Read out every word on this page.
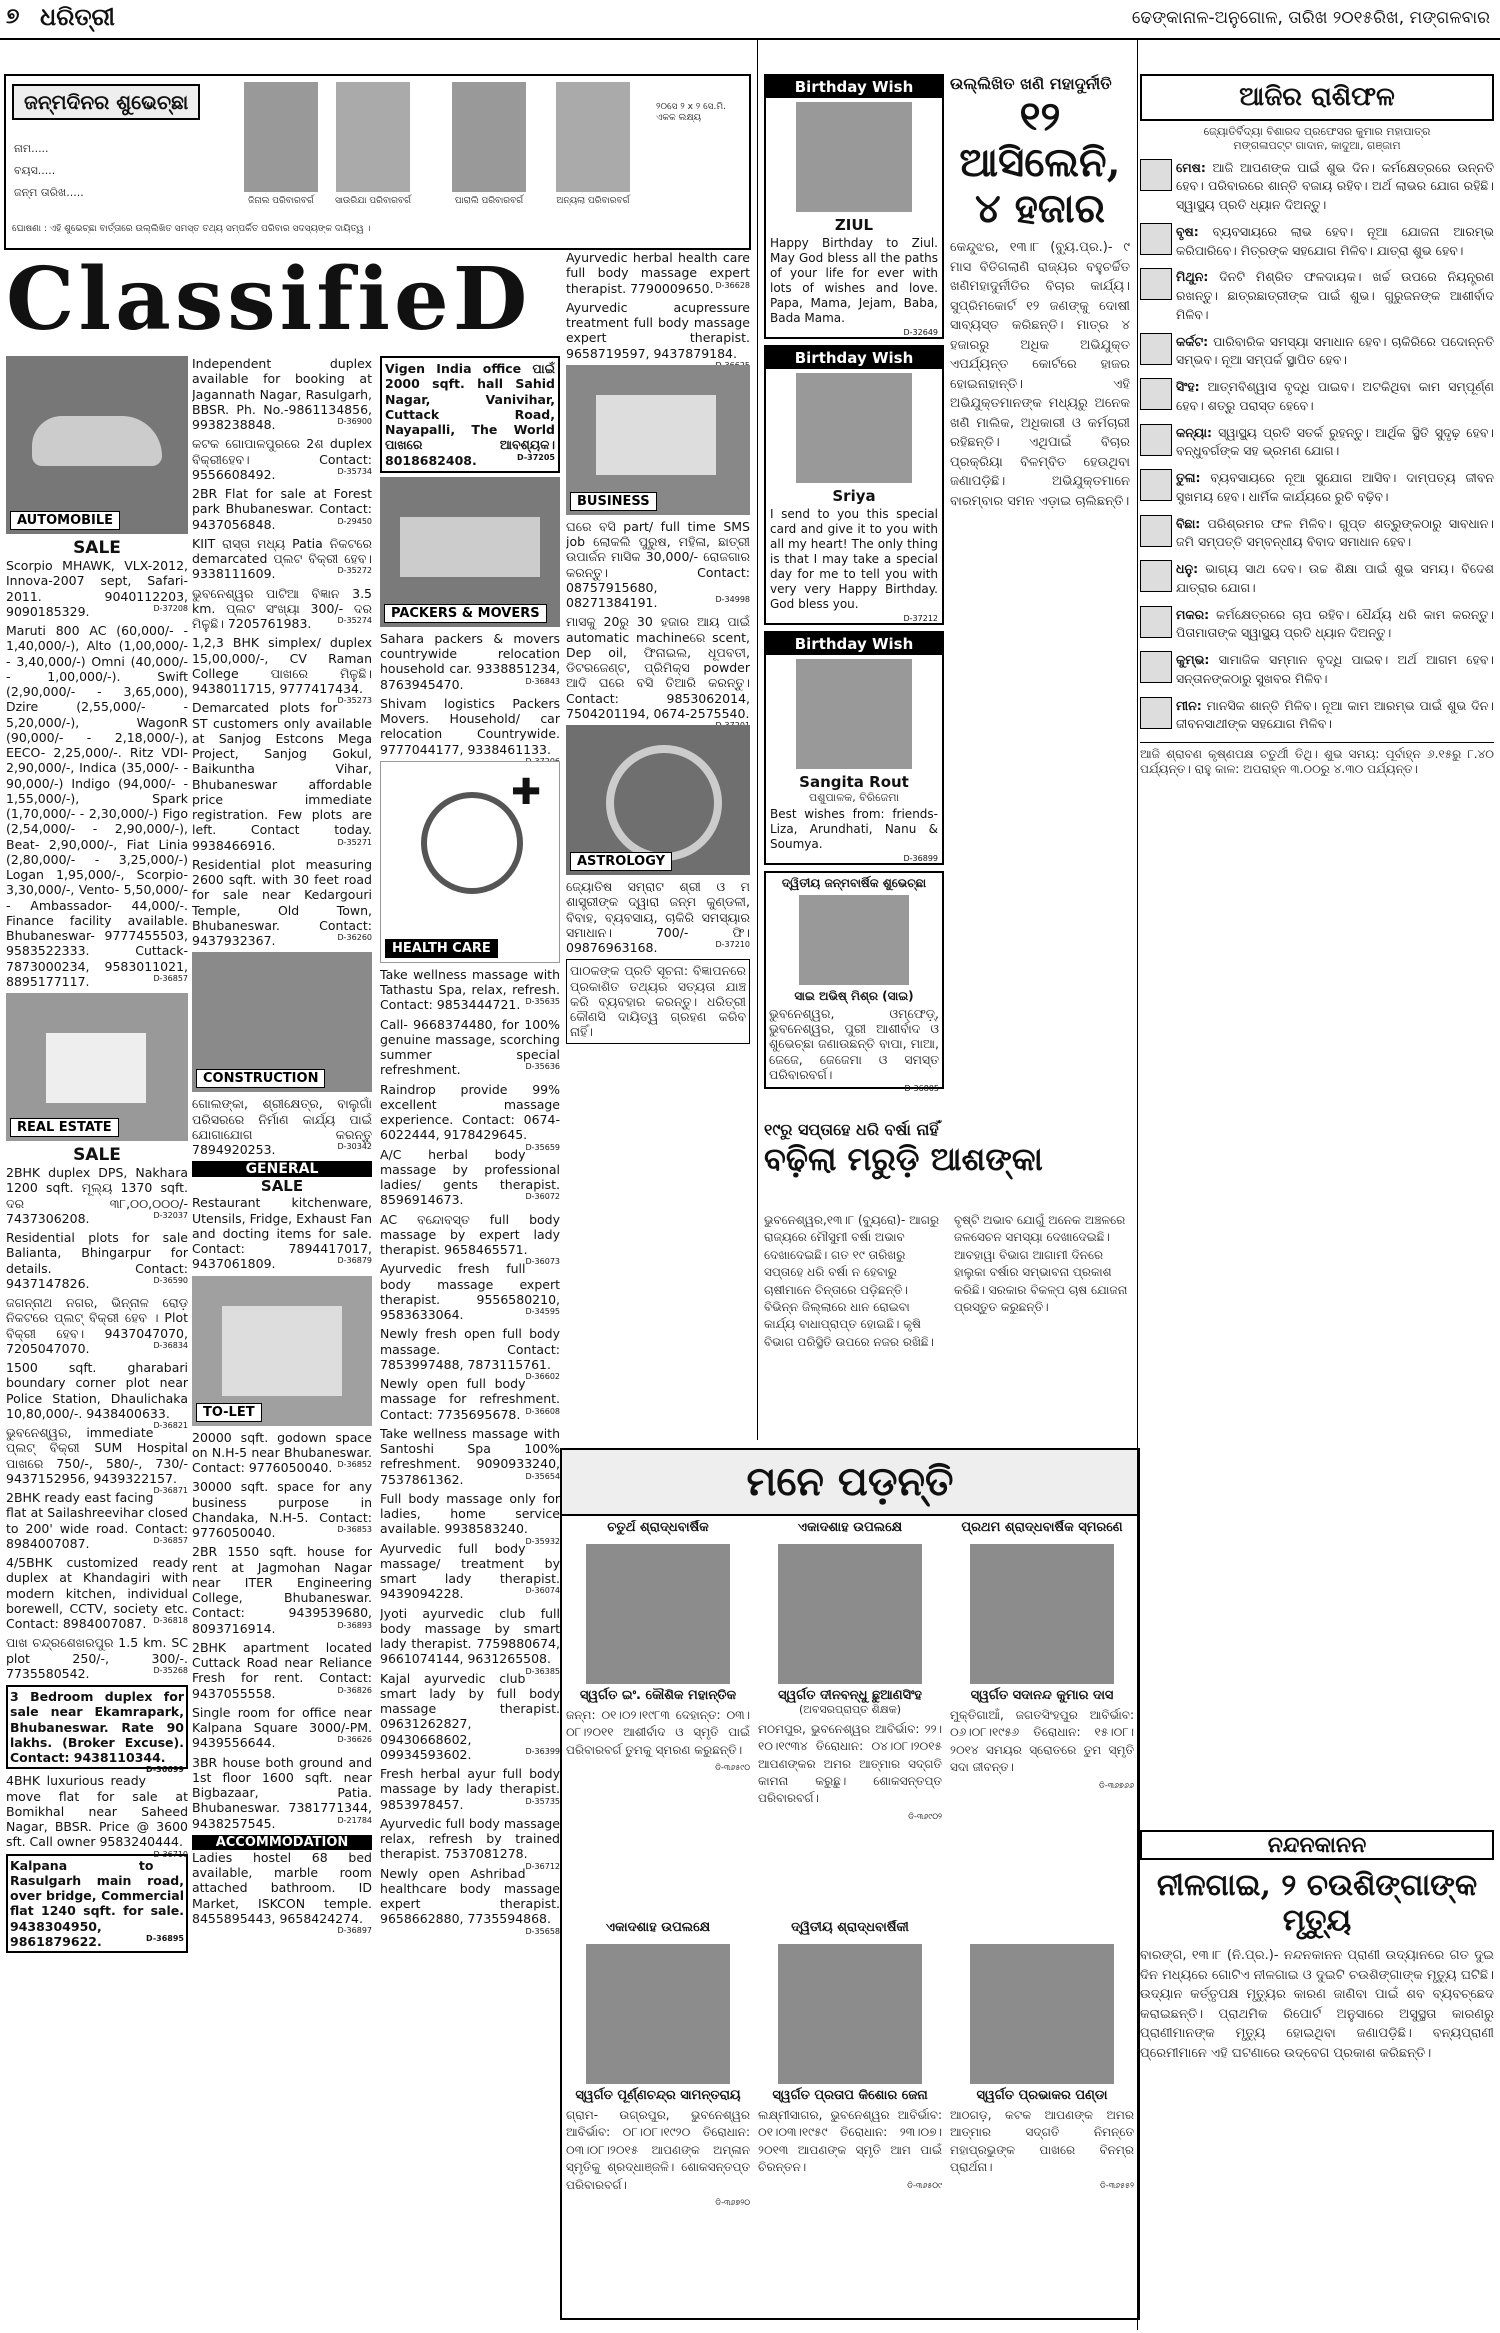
୭ ଧରିତ୍ରୀ	ଢେଙ୍କାନାଳ-ଅନୁଗୋଳ, ତାରିଖ ୨୦୧୫ରିଖ, ମଙ୍ଗଳବାର
ଜନ୍ମଦିନର ଶୁଭେଚ୍ଛା
ନାମ.....
ବୟସ.....
ଜନ୍ମ ତାରିଖ.....
ଜିନାଲ ପରିବାରବର୍ଗ	ସାଉରିଯା ପରିବାରବର୍ଗ	ପାରାଲି ପରିବାରବର୍ଗ	ଅନ୍ୟଲା ପରିବାରବର୍ଗ
୨୦ସେ ୨ x ୨ ସେ.ମି. ଏକକ ଲକ୍ଷ୍ୟ
ଘୋଷଣା : ଏହି ଶୁଭେଚ୍ଛା ବାର୍ତ୍ତାରେ ଉଲ୍ଲିଖିତ ସମସ୍ତ ତଥ୍ୟ ସମ୍ପର୍କିତ ପରିବାର ସଦସ୍ୟଙ୍କ ଦାୟିତ୍ୱ ।
ClassifieD
AUTOMOBILE
SALE

Scorpio MHAWK, VLX-2012, Innova-2007 sept, Safari-2011. 9040112203, 9090185329.	D-37208

Maruti 800 AC (60,000/- - 1,40,000/-), Alto (1,00,000/- - 3,40,000/-) Omni (40,000/- - 1,00,000/-). Swift (2,90,000/- - 3,65,000), Dzire (2,55,000/- - 5,20,000/-), WagonR (90,000/- - 2,18,000/-), EECO- 2,25,000/-. Ritz VDI- 2,90,000/-, Indica (35,000/- - 90,000/-) Indigo (94,000/- - 1,55,000/-), Spark (1,70,000/- - 2,30,000/-) Figo (2,54,000/- - 2,90,000/-), Beat- 2,90,000/-, Fiat Linia (2,80,000/- - 3,25,000/-) Logan 1,95,000/-, Scorpio- 3,30,000/-, Vento- 5,50,000/- - Ambassador- 44,000/-. Finance facility available. Bhubaneswar- 9777455503, 9583522333. Cuttack- 7873000234, 9583011021, 8895177117.	D-36857

REAL ESTATE
SALE

2BHK duplex DPS, Nakhara 1200 sqft. ମୂଲ୍ୟ 1370 sqft. ଦର ୩୮,୦୦,୦୦୦/- 7437306208.	D-32037

Residential plots for sale Balianta, Bhingarpur for details. Contact: 9437147826.	D-36590

ଜଗନ୍ନାଥ ନଗର, ଭିନ୍ନାଳ ରୋଡ଼ ନିକଟରେ ପ୍ଲଟ୍ ବିକ୍ରୀ ହେବ । Plot ବିକ୍ରୀ ହେବ। 9437047070, 7205047070.	D-36834

1500 sqft. gharabari boundary corner plot near Police Station, Dhaulichaka 10,80,000/-. 9438400633.
D-36821

ଭୁବନେଶ୍ୱର, immediate ପ୍ଲଟ୍ ବିକ୍ରୀ SUM Hospital ପାଖରେ 750/-, 580/-, 730/- 9437152956, 9439322157.
D-36871

2BHK ready east facing flat at Sailashreevihar closed to 200' wide road. Contact: 8984007087.	D-36857

4/5BHK customized ready duplex at Khandagiri with modern kitchen, individual borewell, CCTV, society etc. Contact: 8984007087. D-36818

ପାଖ ଚନ୍ଦ୍ରଶେଖରପୁର 1.5 km. SC plot 250/-, 300/-. 7735580542.	D-35268

3 Bedroom duplex for sale near Ekamrapark, Bhubaneswar. Rate 90 lakhs. (Broker Excuse). Contact: 9438110344.
D-36699

4BHK luxurious ready move flat for sale at Bomikhal near Saheed Nagar, BBSR. Price @ 3600 sft. Call owner 9583240444.
D-36710

Kalpana to Rasulgarh main road, over bridge, Commercial flat 1240 sqft. for sale. 9438304950, 9861879622.	D-36895

Independent duplex available for booking at Jagannath Nagar, Rasulgarh, BBSR. Ph. No.-9861134856, 9938238848.	D-36900

କଟକ ଗୋପାଳପୁରରେ 2ଶ duplex ବିକ୍ରୀହେବ। Contact: 9556608492.	D-35734

2BR Flat for sale at Forest park Bhubaneswar. Contact: 9437056848.	D-29450

KIIT ରାସ୍ତା ମଧ୍ୟ Patia ନିକଟରେ demarcated ପ୍ଲଟ ବିକ୍ରୀ ହେବ। 9338111609.	D-35272

ଭୁବନେଶ୍ୱର ପାଟିଆ ବିଜ୍ଞାନ 3.5 km. ପ୍ଲଟ ସଂଖ୍ୟା 300/- ଦର ମିଳୁଛି। 7205761983.	D-35274

1,2,3 BHK simplex/ duplex 15,00,000/-, CV Raman College ପାଖରେ ମିଳୁଛି। 9438011715, 9777417434.
D-35273

Demarcated plots for ST customers only available at Sanjog Estcons Mega Project, Sanjog Gokul, Baikuntha Vihar, Bhubaneswar affordable price immediate registration. Few plots are left. Contact today. 9938466916.	D-35271

Residential plot measuring 2600 sqft. with 30 feet road for sale near Kedargouri Temple, Old Town, Bhubaneswar. Contact: 9437932367.	D-36260

CONSTRUCTION

ଗୋଲଙ୍କା, ଶ୍ରୀକ୍ଷେତ୍ର, ବାଲୁଗାଁ ପରିସରରେ ନିର୍ମାଣ କାର୍ଯ୍ୟ ପାଇଁ ଯୋଗାଯୋଗ କରନ୍ତୁ 7894920253.	D-30342

GENERAL
SALE

Restaurant kitchenware, Utensils, Fridge, Exhaust Fan and docting items for sale. Contact: 7894417017, 9437061809.	D-36879

TO-LET

20000 sqft. godown space on N.H-5 near Bhubaneswar. Contact: 9776050040. D-36852

30000 sqft. space for any business purpose in Chandaka, N.H-5. Contact: 9776050040.	D-36853

2BR 1550 sqft. house for rent at Jagmohan Nagar near ITER Engineering College, Bhubaneswar. Contact: 9439539680, 8093716914.	D-36893

2BHK apartment located Cuttack Road near Reliance Fresh for rent. Contact: 9437055558.	D-36826

Single room for office near Kalpana Square 3000/-PM. 9439556644.	D-36626

3BR house both ground and 1st floor 1600 sqft. near Bigbazaar, Patia. Bhubaneswar. 7381771344, 9438257545.	D-21784

ACCOMMODATION

Ladies hostel 68 bed available, marble room attached bathroom. ID Market, ISKCON temple. 8455895443, 9658424274.
D-36897

Vigen India office ପାଇଁ 2000 sqft. hall Sahid Nagar, Vanivihar, Cuttack Road, Nayapalli, The World ପାଖରେ ଆବଶ୍ୟକ। 8018682408.	D-37205

PACKERS & MOVERS

Sahara packers & movers countrywide relocation household car. 9338851234, 8763945470.	D-36843

Shivam logistics Packers Movers. Household/ car relocation Countrywide. 9777044177, 9338461133.

✚
HEALTH CARE

Take wellness massage with Tathastu Spa, relax, refresh. Contact: 9853444721. D-35635

Call- 9668374480, for 100% genuine massage, scorching summer special refreshment.	D-35636

Raindrop provide 99% excellent massage experience. Contact: 0674-6022444, 9178429645.
D-35659

A/C herbal body massage by professional ladies/ gents therapist. 8596914673.	D-36072

AC ବନ୍ଦୋବସ୍ତ full body massage by expert lady therapist. 9658465571.
D-36073

Ayurvedic fresh full body massage expert therapist. 9556580210, 9583633064.	D-34595

Newly fresh open full body massage. Contact: 7853997488, 7873115761.
D-36602

Newly open full body massage for refreshment. Contact: 7735695678. D-36608

Take wellness massage with Santoshi Spa 100% refreshment. 9090933240, 7537861362.	D-35654

Full body massage only for ladies, home service available. 9938583240.
D-35932

Ayurvedic full body massage/ treatment by smart lady therapist. 9439094228.	D-36074

Jyoti ayurvedic club full body massage by smart lady therapist. 7759880674, 9661074144, 9631265508.
D-36385

Kajal ayurvedic club smart lady by full body massage therapist. 09631262827, 09430668602, 09934593602.	D-36399

Fresh herbal ayur full body massage by lady therapist. 9853978457.	D-35735

Ayurvedic full body massage relax, refresh by trained therapist. 7537081278.
D-36712

Newly open Ashribad healthcare body massage expert therapist. 9658662880, 7735594868.
D-35658

Ayurvedic herbal health care full body massage expert therapist. 7790009650. D-36628

Ayurvedic acupressure treatment full body massage expert therapist. 9658719597, 9437879184.

BUSINESS

ଘରେ ବସି part/ full time SMS job ଲୋକଲି ପୁରୁଷ, ମହିଳା, ଛାତ୍ରୀ ଉପାର୍ଜନ ମାସିକ 30,000/- ରୋଜଗାର କରନ୍ତୁ। Contact: 08757915680, 08271384191.	D-34998

ମାସକୁ 20ରୁ 30 ହଜାର ଆୟ ପାଇଁ automatic machineରେ scent, Dep oil, ଫିନାଇଲ, ଧୂପବତୀ, ଡିଟରଜେଣ୍ଟ, ପ୍ରିମିକ୍ସ powder ଆଦି ଘରେ ବସି ତିଆରି କରନ୍ତୁ। Contact: 9853062014, 7504201194, 0674-2575540.

ASTROLOGY

ଜ୍ୟୋତିଷ ସମ୍ରାଟ ଶ୍ରୀ ଓ ମ ଶାସ୍ତ୍ରୀଙ୍କ ଦ୍ୱାରା ଜନ୍ମ କୁଣ୍ଡଳୀ, ବିବାହ, ବ୍ୟବସାୟ, ଚାକିରି ସମସ୍ୟାର ସମାଧାନ। 700/- ଫି। 09876963168.	D-37210

ପାଠକଙ୍କ ପ୍ରତି ସୂଚନା: ବିଜ୍ଞାପନରେ ପ୍ରକାଶିତ ତଥ୍ୟର ସତ୍ୟତା ଯାଞ୍ଚ କରି ବ୍ୟବହାର କରନ୍ତୁ। ଧରିତ୍ରୀ କୌଣସି ଦାୟିତ୍ୱ ଗ୍ରହଣ କରିବ ନାହିଁ।

Birthday Wish
ZIUL

Happy Birthday to Ziul. May God bless all the paths of your life for ever with lots of wishes and love. Papa, Mama, Jejam, Baba, Bada Mama.

D-32649
Birthday Wish
Sriya

I send to you this special card and give it to you with all my heart! The only thing is that I may take a special day for me to tell you with very very Happy Birthday. God bless you.

D-37212
Birthday Wish
Sangita Rout
ପଶୁପାଳକ, ବିରିଜେମା

Best wishes from: friends- Liza, Arundhati, Nanu & Soumya.

D-36899
ଦ୍ୱିତୀୟ ଜନ୍ମବାର୍ଷିକ ଶୁଭେଚ୍ଛା
ସାଇ ଅଭିଷ୍ ମିଶ୍ର (ସାଇ)

ଭୁବନେଶ୍ୱର, ଓମ୍ଫେଡ଼୍, ଭୁବନେଶ୍ୱର, ପୁରୀ ଆଶୀର୍ବାଦ ଓ ଶୁଭେଚ୍ଛା ଜଣାଉଛନ୍ତି ବାପା, ମାଆ, ଜେଜେ, ଜେଜେମା ଓ ସମସ୍ତ ପରିବାରବର୍ଗ।

D-36805
ଉଲ୍ଲିଖିତ ଖଣି ମହାଦୁର୍ନୀତି
୧୨ ଆସିଲେନି,
୪ ହଜାର

କେନ୍ଦୁଝର, ୧୩।୮ (ବ୍ୟୁ.ପ୍ର.)- ୯ ମାସ ବିତିଗଲାଣି ରାଜ୍ୟର ବହୁଚର୍ଚ୍ଚିତ ଖଣିମହାଦୁର୍ନୀତିର ବିଚାର କାର୍ଯ୍ୟ। ସୁପ୍ରିମକୋର୍ଟ ୧୨ ଜଣଙ୍କୁ ଦୋଷୀ ସାବ୍ୟସ୍ତ କରିଛନ୍ତି। ମାତ୍ର ୪ ହଜାରରୁ ଅଧିକ ଅଭିଯୁକ୍ତ ଏପର୍ଯ୍ୟନ୍ତ କୋର୍ଟରେ ହାଜର ହୋଇନାହାନ୍ତି। ଏହି ଅଭିଯୁକ୍ତମାନଙ୍କ ମଧ୍ୟରୁ ଅନେକ ଖଣି ମାଲିକ, ଅଧିକାରୀ ଓ କର୍ମଚାରୀ ରହିଛନ୍ତି। ଏଥିପାଇଁ ବିଚାର ପ୍ରକ୍ରିୟା ବିଳମ୍ବିତ ହେଉଥିବା ଜଣାପଡ଼ିଛି। ଅଭିଯୁକ୍ତମାନେ ବାରମ୍ବାର ସମନ ଏଡ଼ାଇ ଚାଲିଛନ୍ତି।

୧୯ରୁ ସପ୍ତାହେ ଧରି ବର୍ଷା ନାହିଁ
ବଢ଼ିଲା ମରୁଡ଼ି ଆଶଙ୍କା

ଭୁବନେଶ୍ୱର,୧୩।୮ (ବ୍ୟୁରୋ)- ଆଗରୁ ରାଜ୍ୟରେ ମୌସୁମୀ ବର୍ଷା ଅଭାବ ଦେଖାଦେଇଛି। ଗତ ୧୯ ତାରିଖରୁ ସପ୍ତାହେ ଧରି ବର୍ଷା ନ ହେବାରୁ ଚାଷୀମାନେ ଚିନ୍ତାରେ ପଡ଼ିଛନ୍ତି। ବିଭିନ୍ନ ଜିଲ୍ଲାରେ ଧାନ ରୋଇବା କାର୍ଯ୍ୟ ବାଧାପ୍ରାପ୍ତ ହୋଇଛି। କୃଷି ବିଭାଗ ପରିସ୍ଥିତି ଉପରେ ନଜର ରଖିଛି।

ବୃଷ୍ଟି ଅଭାବ ଯୋଗୁଁ ଅନେକ ଅଞ୍ଚଳରେ ଜଳସେଚନ ସମସ୍ୟା ଦେଖାଦେଇଛି। ଆବହାୱା ବିଭାଗ ଆଗାମୀ ଦିନରେ ହାଲୁକା ବର୍ଷାର ସମ୍ଭାବନା ପ୍ରକାଶ କରିଛି। ସରକାର ବିକଳ୍ପ ଚାଷ ଯୋଜନା ପ୍ରସ୍ତୁତ କରୁଛନ୍ତି।

ଆଜିର ରାଶିଫଳ
ଜ୍ୟୋତିର୍ବିଦ୍ୟା ବିଶାରଦ ପ୍ରଫେସର କୁମାର ମହାପାତ୍ର
ମଙ୍ଗଳାପଟ୍ଟ ଗାଦାନ, କାଦୁଆ, ଗଞ୍ଜାମ
ମେଷ: ଆଜି ଆପଣଙ୍କ ପାଇଁ ଶୁଭ ଦିନ। କର୍ମକ୍ଷେତ୍ରରେ ଉନ୍ନତି ହେବ। ପରିବାରରେ ଶାନ୍ତି ବଜାୟ ରହିବ। ଅର୍ଥ ଲାଭର ଯୋଗ ରହିଛି। ସ୍ୱାସ୍ଥ୍ୟ ପ୍ରତି ଧ୍ୟାନ ଦିଅନ୍ତୁ।
ବୃଷ: ବ୍ୟବସାୟରେ ଲାଭ ହେବ। ନୂଆ ଯୋଜନା ଆରମ୍ଭ କରିପାରିବେ। ମିତ୍ରଙ୍କ ସହଯୋଗ ମିଳିବ। ଯାତ୍ରା ଶୁଭ ହେବ।
ମିଥୁନ: ଦିନଟି ମିଶ୍ରିତ ଫଳଦାୟକ। ଖର୍ଚ୍ଚ ଉପରେ ନିୟନ୍ତ୍ରଣ ରଖନ୍ତୁ। ଛାତ୍ରଛାତ୍ରୀଙ୍କ ପାଇଁ ଶୁଭ। ଗୁରୁଜନଙ୍କ ଆଶୀର୍ବାଦ ମିଳିବ।
କର୍କଟ: ପାରିବାରିକ ସମସ୍ୟା ସମାଧାନ ହେବ। ଚାକିରିରେ ପଦୋନ୍ନତି ସମ୍ଭବ। ନୂଆ ସମ୍ପର୍କ ସ୍ଥାପିତ ହେବ।
ସିଂହ: ଆତ୍ମବିଶ୍ୱାସ ବୃଦ୍ଧି ପାଇବ। ଅଟକିଥିବା କାମ ସମ୍ପୂର୍ଣ୍ଣ ହେବ। ଶତ୍ରୁ ପରାସ୍ତ ହେବେ।
କନ୍ୟା: ସ୍ୱାସ୍ଥ୍ୟ ପ୍ରତି ସତର୍କ ରୁହନ୍ତୁ। ଆର୍ଥିକ ସ୍ଥିତି ସୁଦୃଢ଼ ହେବ। ବନ୍ଧୁବର୍ଗଙ୍କ ସହ ଭ୍ରମଣ ଯୋଗ।
ତୁଳା: ବ୍ୟବସାୟରେ ନୂଆ ସୁଯୋଗ ଆସିବ। ଦାମ୍ପତ୍ୟ ଜୀବନ ସୁଖମୟ ହେବ। ଧାର୍ମିକ କାର୍ଯ୍ୟରେ ରୁଚି ବଢ଼ିବ।
ବିଛା: ପରିଶ୍ରମର ଫଳ ମିଳିବ। ଗୁପ୍ତ ଶତ୍ରୁଙ୍କଠାରୁ ସାବଧାନ। ଜମି ସମ୍ପତ୍ତି ସମ୍ବନ୍ଧୀୟ ବିବାଦ ସମାଧାନ ହେବ।
ଧନୁ: ଭାଗ୍ୟ ସାଥ ଦେବ। ଉଚ୍ଚ ଶିକ୍ଷା ପାଇଁ ଶୁଭ ସମୟ। ବିଦେଶ ଯାତ୍ରାର ଯୋଗ।
ମକର: କର୍ମକ୍ଷେତ୍ରରେ ଚାପ ରହିବ। ଧୈର୍ଯ୍ୟ ଧରି କାମ କରନ୍ତୁ। ପିତାମାତାଙ୍କ ସ୍ୱାସ୍ଥ୍ୟ ପ୍ରତି ଧ୍ୟାନ ଦିଅନ୍ତୁ।
କୁମ୍ଭ: ସାମାଜିକ ସମ୍ମାନ ବୃଦ୍ଧି ପାଇବ। ଅର୍ଥ ଆଗମ ହେବ। ସନ୍ତାନଙ୍କଠାରୁ ସୁଖବର ମିଳିବ।
ମୀନ: ମାନସିକ ଶାନ୍ତି ମିଳିବ। ନୂଆ କାମ ଆରମ୍ଭ ପାଇଁ ଶୁଭ ଦିନ। ଜୀବନସାଥୀଙ୍କ ସହଯୋଗ ମିଳିବ।

ଆଜି ଶ୍ରାବଣ କୃଷ୍ଣପକ୍ଷ ଚତୁର୍ଥୀ ତିଥି। ଶୁଭ ସମୟ: ପୂର୍ବାହ୍ନ ୬.୧୫ରୁ ୮.୪୦ ପର୍ଯ୍ୟନ୍ତ। ରାହୁ କାଳ: ଅପରାହ୍ନ ୩.୦୦ରୁ ୪.୩୦ ପର୍ଯ୍ୟନ୍ତ।

ମନେ ପଡ଼ନ୍ତି
ଚତୁର୍ଥ ଶ୍ରାଦ୍ଧବାର୍ଷିକ
ସ୍ୱର୍ଗତ ଇଂ. କୌଶିକ ମହାନ୍ତିକ

ଜନ୍ମ: ୦୧।୦୨।୧୯୮୩ ଦେହାନ୍ତ: ୦୩।୦୮।୨୦୧୧ ଆଶୀର୍ବାଦ ଓ ସ୍ମୃତି ପାଇଁ ପରିବାରବର୍ଗ ତୁମକୁ ସ୍ମରଣ କରୁଛନ୍ତି।

ଡି-୩୬୫୯୦
ଏକାଦଶାହ ଉପଲକ୍ଷେ
ସ୍ୱର୍ଗତ ଦୀନବନ୍ଧୁ ଛୁଆଣସିଂହ
(ଅବସରପ୍ରାପ୍ତ ଶିକ୍ଷକ)

ମଠମପୁର, ଭୁବନେଶ୍ୱର ଆବିର୍ଭାବ: ୨୨।୧୦।୧୯୩୪ ତିରୋଧାନ: ୦୪।୦୮।୨୦୧୫ ଆପଣଙ୍କର ଅମର ଆତ୍ମାର ସଦ୍‌ଗତି କାମନା କରୁଛୁ। ଶୋକସନ୍ତପ୍ତ ପରିବାରବର୍ଗ।

ଡି-୩୬୯୦୨
ପ୍ରଥମ ଶ୍ରାଦ୍ଧବାର୍ଷିକ ସ୍ମରଣେ
ସ୍ୱର୍ଗତ ସଦାନନ୍ଦ କୁମାର ଦାସ

ମୁକ୍ତିଗାଆଁ, ଜଗତସିଂହପୁର ଆବିର୍ଭାବ: ୦୬।୦୮।୧୯୫୬ ତିରୋଧାନ: ୧୫।୦୮।୨୦୧୪ ସମୟର ସ୍ରୋତରେ ତୁମ ସ୍ମୃତି ସଦା ଜୀବନ୍ତ।

ଡି-୩୬୭୬୬
ଏକାଦଶାହ ଉପଲକ୍ଷେ
ସ୍ୱର୍ଗତ ପୂର୍ଣ୍ଣଚନ୍ଦ୍ର ସାମନ୍ତରାୟ

ଗ୍ରାମ- ଉଗ୍ରପୁର, ଭୁବନେଶ୍ୱର ଆବିର୍ଭାବ: ୦୮।୦୮।୧୯୨୦ ତିରୋଧାନ: ୦୩।୦୮।୨୦୧୫ ଆପଣଙ୍କ ଅମ୍ଳାନ ସ୍ମୃତିକୁ ଶ୍ରଦ୍ଧାଞ୍ଜଳି। ଶୋକସନ୍ତପ୍ତ ପରିବାରବର୍ଗ।

ଡି-୩୬୭୨୦
ଦ୍ୱିତୀୟ ଶ୍ରାଦ୍ଧବାର୍ଷିକୀ
ସ୍ୱର୍ଗତ ପ୍ରତାପ କିଶୋର ଜେନା

ଲକ୍ଷ୍ମୀସାଗର, ଭୁବନେଶ୍ୱର ଆବିର୍ଭାବ: ୦୧।୦୩।୧୯୫୯ ତିରୋଧାନ: ୨୩।୦୭।୨୦୧୩ ଆପଣଙ୍କ ସ୍ମୃତି ଆମ ପାଇଁ ଚିରନ୍ତନ।

ଡି-୩୬୫୦୯
ସ୍ୱର୍ଗତ ପ୍ରଭାକର ପଣ୍ଡା

ଆଠଗଡ଼, କଟକ ଆପଣଙ୍କ ଅମର ଆତ୍ମାର ସଦ୍‌ଗତି ନିମନ୍ତେ ମହାପ୍ରଭୁଙ୍କ ପାଖରେ ବିନମ୍ର ପ୍ରାର୍ଥନା।

ଡି-୩୬୫୫୨
ନନ୍ଦନକାନନ
ନୀଳଗାଇ, ୨ ଚଉଶିଙ୍ଗାଙ୍କ ମୃତ୍ୟୁ

ବାରଙ୍ଗ, ୧୩।୮ (ନି.ପ୍ର.)- ନନ୍ଦନକାନନ ପ୍ରାଣୀ ଉଦ୍ୟାନରେ ଗତ ଦୁଇ ଦିନ ମଧ୍ୟରେ ଗୋଟିଏ ନୀଳଗାଇ ଓ ଦୁଇଟି ଚଉଶିଙ୍ଗାଙ୍କ ମୃତ୍ୟୁ ଘଟିଛି। ଉଦ୍ୟାନ କର୍ତ୍ତୃପକ୍ଷ ମୃତ୍ୟୁର କାରଣ ଜାଣିବା ପାଇଁ ଶବ ବ୍ୟବଚ୍ଛେଦ କରାଇଛନ୍ତି। ପ୍ରାଥମିକ ରିପୋର୍ଟ ଅନୁସାରେ ଅସୁସ୍ଥତା କାରଣରୁ ପ୍ରାଣୀମାନଙ୍କ ମୃତ୍ୟୁ ହୋଇଥିବା ଜଣାପଡ଼ିଛି। ବନ୍ୟପ୍ରାଣୀ ପ୍ରେମୀମାନେ ଏହି ଘଟଣାରେ ଉଦ୍‌ବେଗ ପ୍ରକାଶ କରିଛନ୍ତି।
